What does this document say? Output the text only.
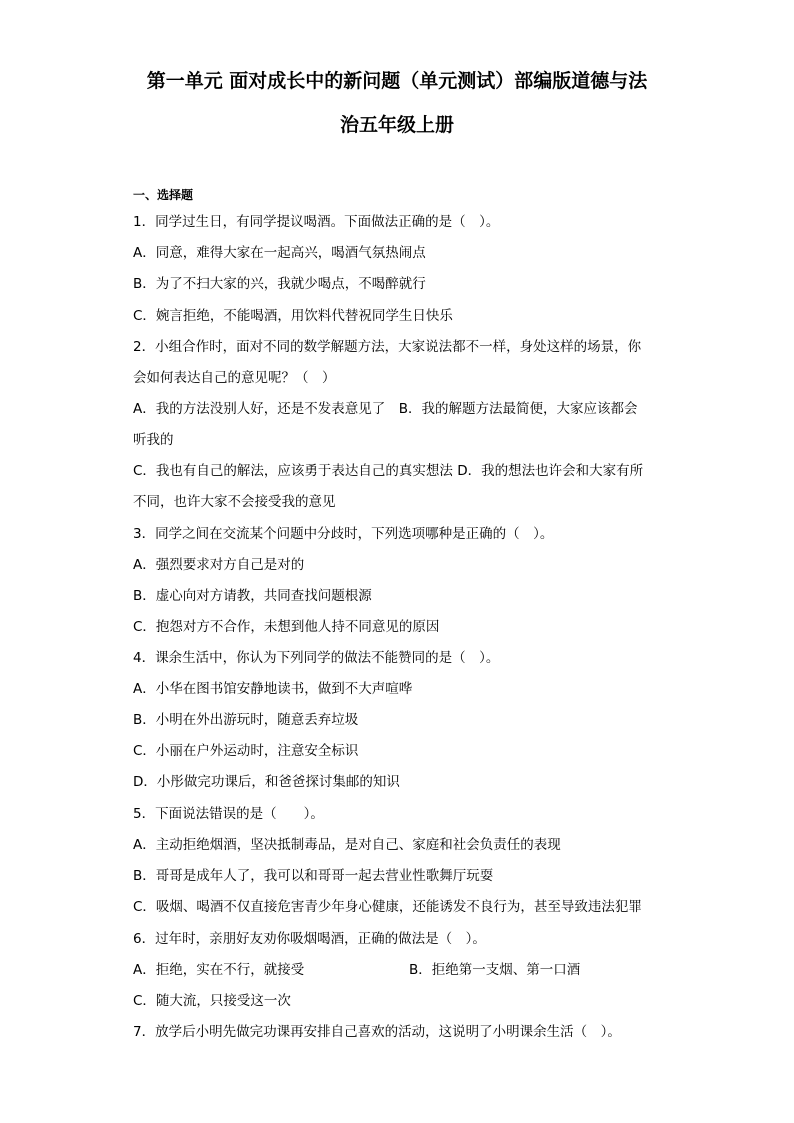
第一单元 面对成长中的新问题（单元测试）部编版道德与法
治五年级上册
一、选择题
1．同学过生日，有同学提议喝酒。下面做法正确的是（　）。
A．同意，难得大家在一起高兴，喝酒气氛热闹点
B．为了不扫大家的兴，我就少喝点，不喝醉就行
C．婉言拒绝，不能喝酒，用饮料代替祝同学生日快乐
2．小组合作时，面对不同的数学解题方法，大家说法都不一样，身处这样的场景，你
会如何表达自己的意见呢？（　）
A．我的方法没别人好，还是不发表意见了　B．我的解题方法最简便，大家应该都会
听我的
C．我也有自己的解法，应该勇于表达自己的真实想法 D．我的想法也许会和大家有所
不同，也许大家不会接受我的意见
3．同学之间在交流某个问题中分歧时，下列选项哪种是正确的（　）。
A．强烈要求对方自己是对的
B．虚心向对方请教，共同查找问题根源
C．抱怨对方不合作，未想到他人持不同意见的原因
4．课余生活中，你认为下列同学的做法不能赞同的是（　）。
A．小华在图书馆安静地读书，做到不大声喧哗
B．小明在外出游玩时，随意丢弃垃圾
C．小丽在户外运动时，注意安全标识
D．小彤做完功课后，和爸爸探讨集邮的知识
5．下面说法错误的是（　　）。
A．主动拒绝烟酒，坚决抵制毒品，是对自己、家庭和社会负责任的表现
B．哥哥是成年人了，我可以和哥哥一起去营业性歌舞厅玩耍
C．吸烟、喝酒不仅直接危害青少年身心健康，还能诱发不良行为，甚至导致违法犯罪
6．过年时，亲朋好友劝你吸烟喝酒，正确的做法是（　）。
A．拒绝，实在不行，就接受	B．拒绝第一支烟、第一口酒
C．随大流，只接受这一次
7．放学后小明先做完功课再安排自己喜欢的活动，这说明了小明课余生活（　）。
